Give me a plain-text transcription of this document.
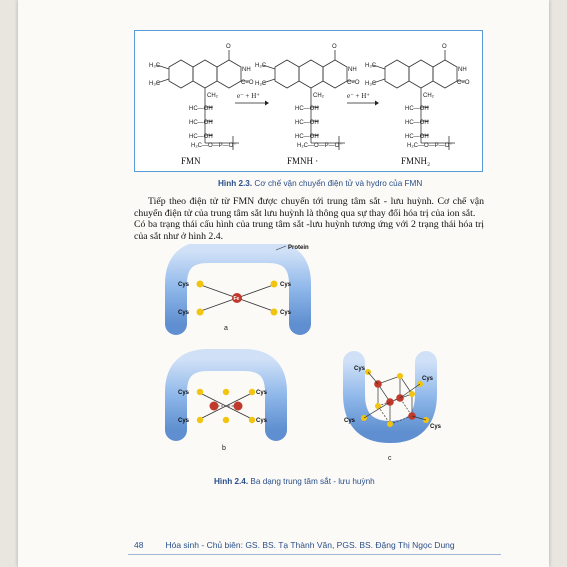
H₃C
H₃C
O
NH
C=O
CH₂
HC—OH
HC—OH
HC—OH
H₂C—O—P—O⁻
H₃C
H₃C
O
NH
C=O
CH₂
HC—OH
HC—OH
HC—OH
H₂C—O—P—O⁻
H₃C
H₃C
O
NH
C=O
CH₂
HC—OH
HC—OH
HC—OH
H₂C—O—P—O⁻
e⁻ + H⁺	e⁻ + H⁺
FMN	FMNH ·	FMNH₂
Hình 2.3. Cơ chế vận chuyển điện tử và hydro của FMN

Tiếp theo điện tử từ FMN được chuyển tới trung tâm sắt - lưu huỳnh. Cơ chế vận chuyển điện tử của trung tâm sắt lưu huỳnh là thông qua sự thay đổi hóa trị của ion sắt.

Có ba trạng thái cấu hình của trung tâm sắt -lưu huỳnh tương ứng với 2 trạng thái hóa trị của sắt như ở hình 2.4.

Fe
Cys
Cys
Cys
Cys
Protein
a
Cys
Cys
Cys
Cys
b
Cys
Cys
Cys
Cys
c
Hình 2.4. Ba dạng trung tâm sắt - lưu huỳnh
48	Hóa sinh - Chủ biên: GS. BS. Tạ Thành Văn, PGS. BS. Đặng Thị Ngọc Dung
